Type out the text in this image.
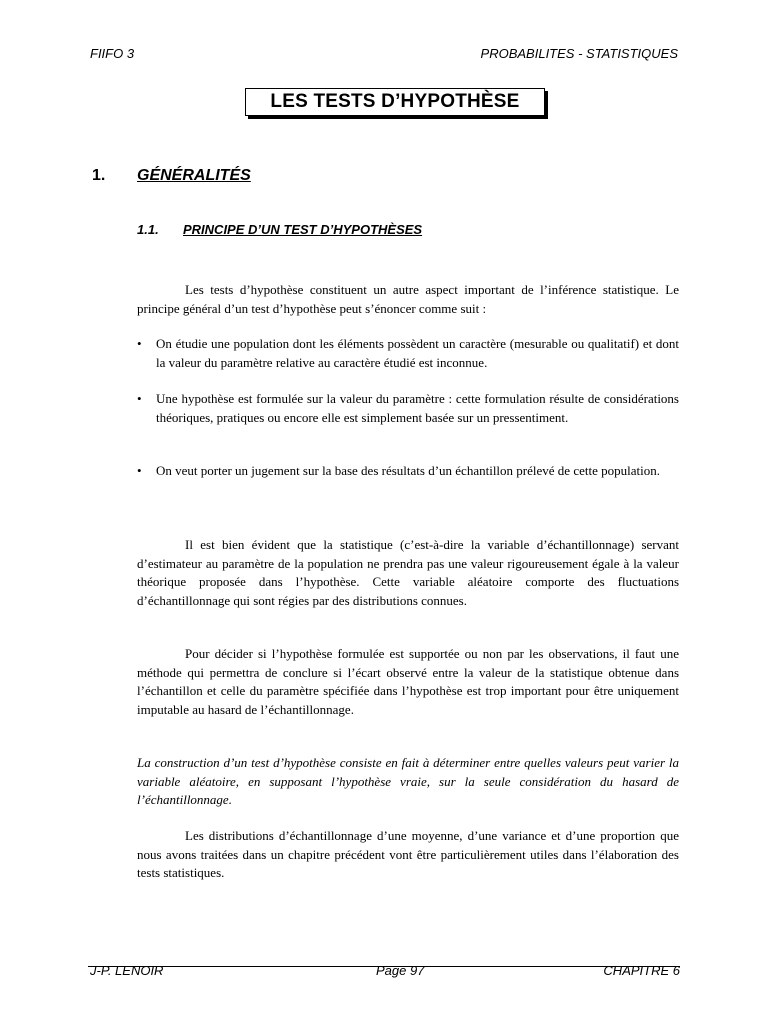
FIIFO 3	PROBABILITES - STATISTIQUES
LES TESTS D’HYPOTHÈSE
1. GÉNÉRALITÉS
1.1. PRINCIPE D’UN TEST D’HYPOTHÈSES
Les tests d’hypothèse constituent un autre aspect important de l’inférence statistique. Le principe général d’un test d’hypothèse peut s’énoncer comme suit :
• On étudie une population dont les éléments possèdent un caractère (mesurable ou qualitatif) et dont la valeur du paramètre relative au caractère étudié est inconnue.
• Une hypothèse est formulée sur la valeur du paramètre : cette formulation résulte de considérations théoriques, pratiques ou encore elle est simplement basée sur un pressentiment.
• On veut porter un jugement sur la base des résultats d’un échantillon prélevé de cette population.
Il est bien évident que la statistique (c’est-à-dire la variable d’échantillonnage) servant d’estimateur au paramètre de la population ne prendra pas une valeur rigoureusement égale à la valeur théorique proposée dans l’hypothèse. Cette variable aléatoire comporte des fluctuations d’échantillonnage qui sont régies par des distributions connues.
Pour décider si l’hypothèse formulée est supportée ou non par les observations, il faut une méthode qui permettra de conclure si l’écart observé entre la valeur de la statistique obtenue dans l’échantillon et celle du paramètre spécifiée dans l’hypothèse est trop important pour être uniquement imputable au hasard de l’échantillonnage.
La construction d’un test d’hypothèse consiste en fait à déterminer entre quelles valeurs peut varier la variable aléatoire, en supposant l’hypothèse vraie, sur la seule considération du hasard de l’échantillonnage.
Les distributions d’échantillonnage d’une moyenne, d’une variance et d’une proportion que nous avons traitées dans un chapitre précédent vont être particulièrement utiles dans l’élaboration des tests statistiques.
J-P. LENOIR	Page 97	CHAPITRE 6
